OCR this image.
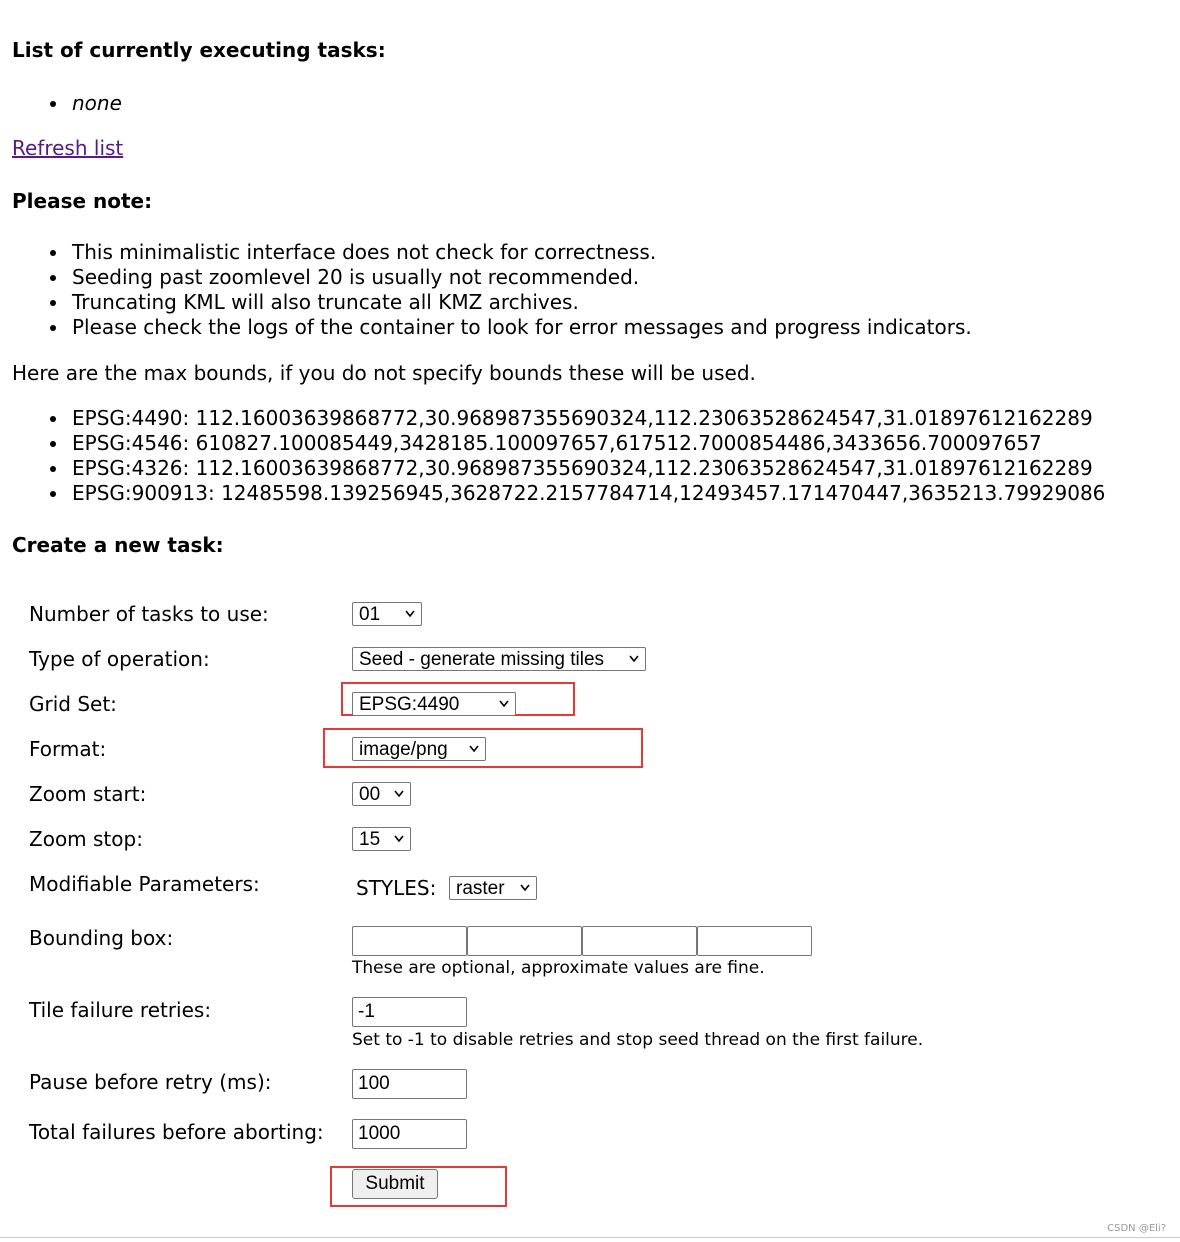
List of currently executing tasks:
none
Refresh list
Please note:
This minimalistic interface does not check for correctness.
Seeding past zoomlevel 20 is usually not recommended.
Truncating KML will also truncate all KMZ archives.
Please check the logs of the container to look for error messages and progress indicators.
Here are the max bounds, if you do not specify bounds these will be used.
EPSG:4490: 112.16003639868772,30.968987355690324,112.23063528624547,31.01897612162289
EPSG:4546: 610827.100085449,3428185.100097657,617512.7000854486,3433656.700097657
EPSG:4326: 112.16003639868772,30.968987355690324,112.23063528624547,31.01897612162289
EPSG:900913: 12485598.139256945,3628722.2157784714,12493457.171470447,3635213.79929086
Create a new task:
Number of tasks to use:	01
Type of operation:	Seed - generate missing tiles
Grid Set:	EPSG:4490
Format:	image/png
Zoom start:	00
Zoom stop:	15
Modifiable Parameters:	STYLES:	raster
Bounding box:
These are optional, approximate values are fine.
Tile failure retries:	-1
Set to -1 to disable retries and stop seed thread on the first failure.
Pause before retry (ms):	100
Total failures before aborting:	1000
Submit
CSDN @Eli?
